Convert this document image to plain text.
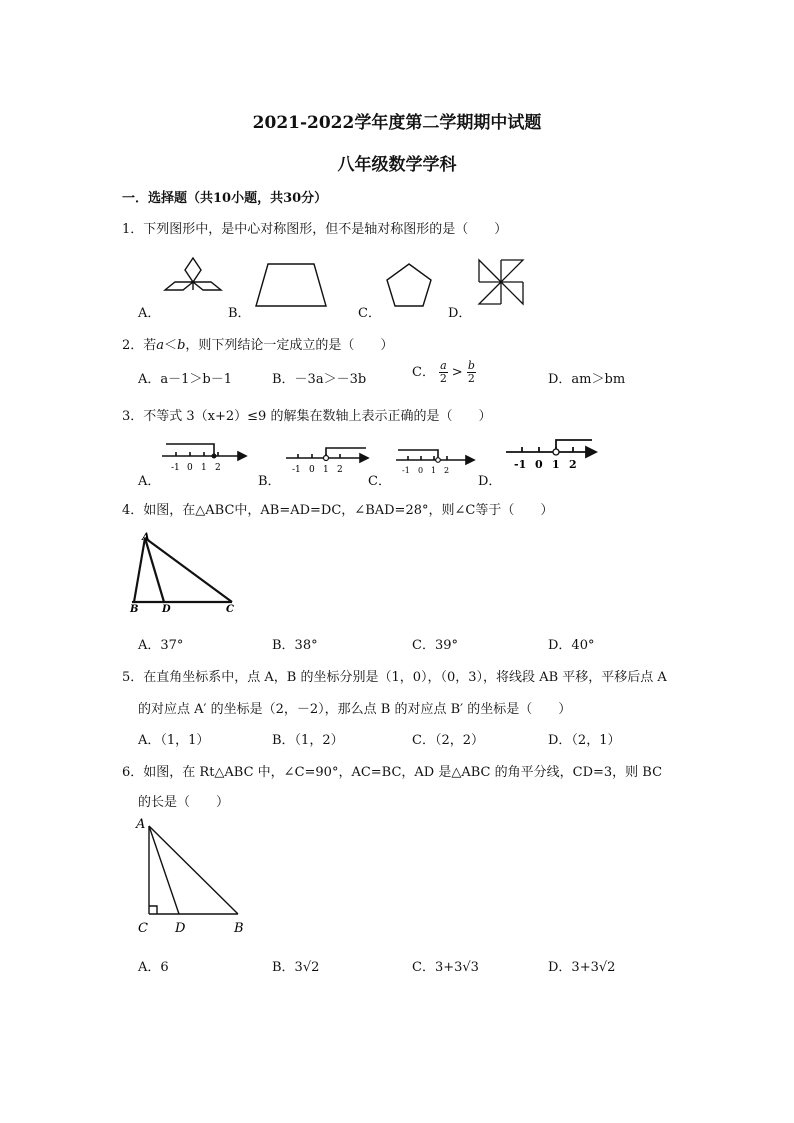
2021-2022学年度第二学期期中试题
八年级数学学科
一．选择题（共10小题，共30分）
1．下列图形中，是中心对称图形，但不是轴对称图形的是（　　）
A．	B．	C．	D．
2．若a＜b，则下列结论一定成立的是（　　）
A．a－1＞b－1	B．－3a＞－3b	C． $\frac{a}{2} > \frac{b}{2}$	D．am＞bm
3．不等式 3（x+2）≤9 的解集在数轴上表示正确的是（　　）
A．
-1 0 1 2
B．
-1 0 1 2
C．
-1 0 1 2
D．
-1 0 1 2
4．如图，在△ABC中，AB=AD=DC，∠BAD=28°，则∠C等于（　　）
A
B D	C
A．37°	B．38°	C．39°	D．40°
5．在直角坐标系中，点 A，B 的坐标分别是（1，0），（0，3），将线段 AB 平移，平移后点 A
的对应点 A′ 的坐标是（2，－2），那么点 B 的对应点 B′ 的坐标是（　　）
A．（1，1）	B．（1，2）	C．（2，2）	D．（2，1）
6．如图，在 Rt△ABC 中，∠C=90°，AC=BC，AD 是△ABC 的角平分线，CD=3，则 BC
的长是（　　）
A
C D	B
A．6	B．3√2	C．3+3√3	D．3+3√2
